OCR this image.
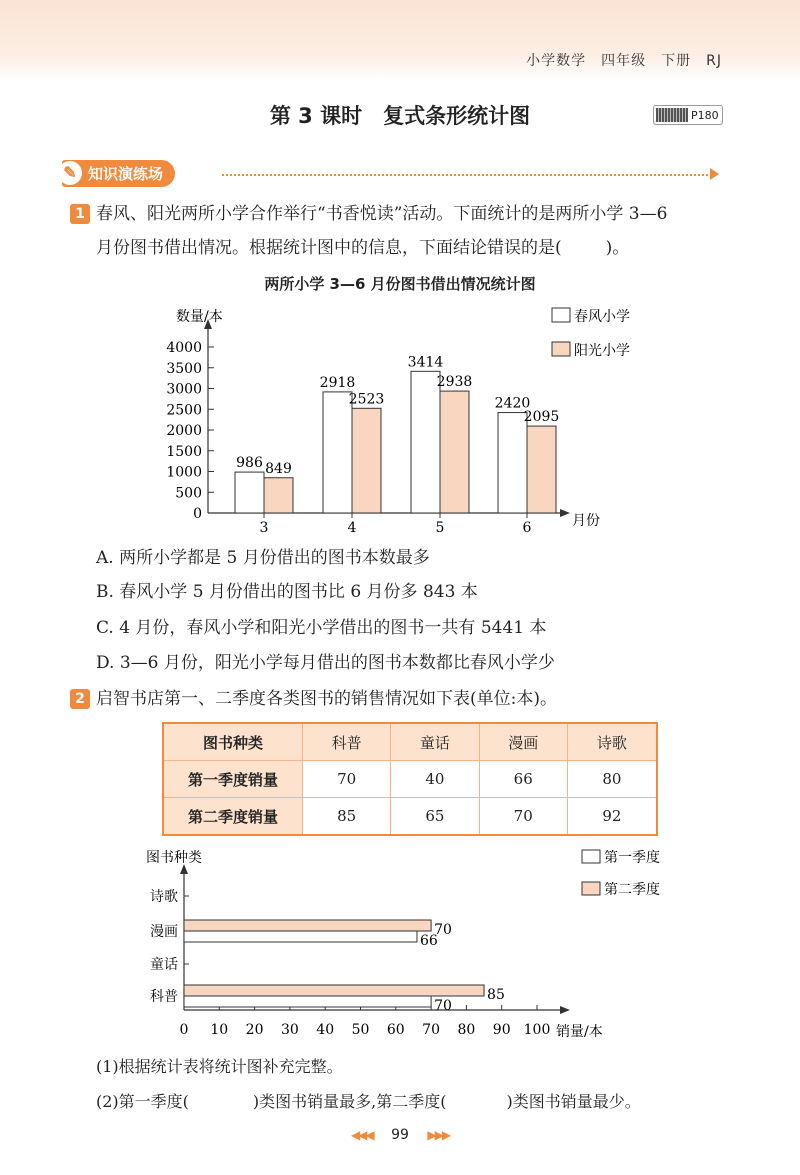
小学数学　四年级　下册　RJ
第 3 课时　复式条形统计图	P180
✎ 知识演练场
1 春风、阳光两所小学合作举行“书香悦读”活动。下面统计的是两所小学 3—6
月份图书借出情况。根据统计图中的信息，下面结论错误的是(	)。
两所小学 3—6 月份图书借出情况统计图
数量/本
月份
0
500
1000
1500
2000
2500
3000
3500
4000
3
986 849
4
2918
2523
5
3414
2938
6
2420
2095
春风小学
阳光小学
A. 两所小学都是 5 月份借出的图书本数最多
B. 春风小学 5 月份借出的图书比 6 月份多 843 本
C. 4 月份，春风小学和阳光小学借出的图书一共有 5441 本
D. 3—6 月份，阳光小学每月借出的图书本数都比春风小学少
2 启智书店第一、二季度各类图书的销售情况如下表(单位:本)。
图书种类	科普	童话	漫画	诗歌
第一季度销量	70	40	66	80
第二季度销量	85	65	70	92
图书种类
销量/本
0 10 20 30 40 50 60 70 80 90 100
科普
70
85
童话
漫画
66
70
诗歌
第一季度
第二季度
(1)根据统计表将统计图补充完整。
(2)第一季度(	)类图书销量最多,第二季度(	)类图书销量最少。
◀◀◀ 99 ▶▶▶
